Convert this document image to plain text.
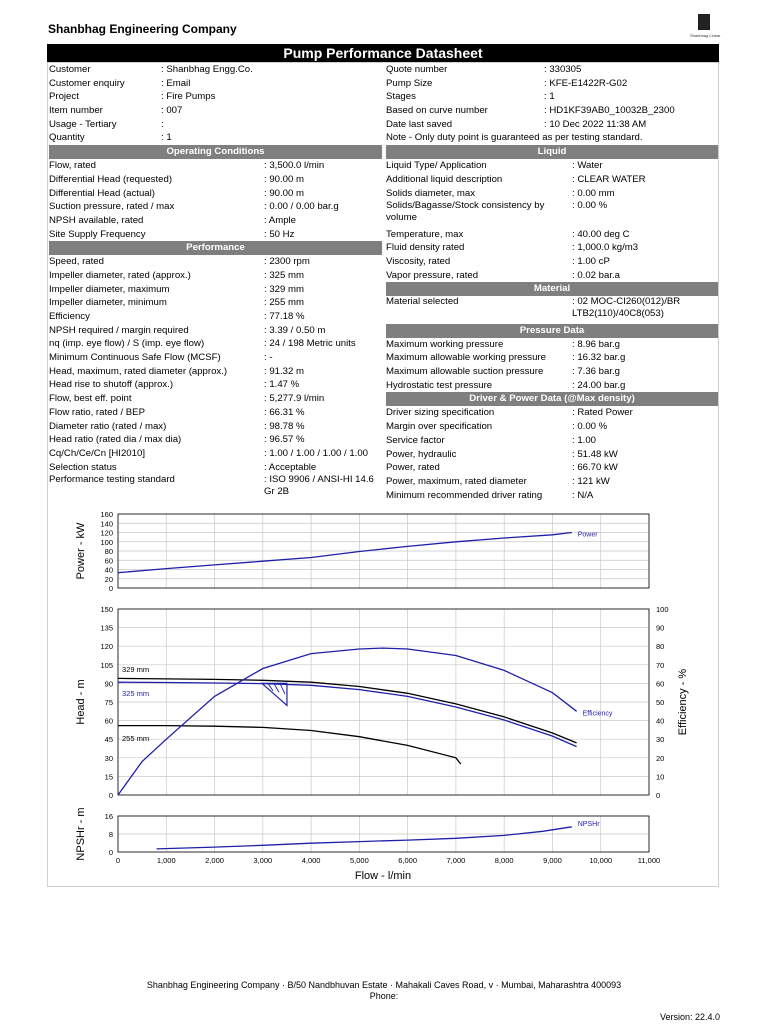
Shanbhag Engineering Company	Shanbhag Linear
Pump Performance Datasheet
Customer	: Shanbhag Engg.Co.
Customer enquiry	: Email
Project	: Fire Pumps
Item number	: 007
Usage - Tertiary	:
Quantity	: 1
Operating Conditions
Flow, rated	: 3,500.0 l/min
Differential Head (requested)	: 90.00 m
Differential Head (actual)	: 90.00 m
Suction pressure, rated / max	: 0.00 / 0.00 bar.g
NPSH available, rated	: Ample
Site Supply Frequency	: 50 Hz
Performance
Speed, rated	: 2300 rpm
Impeller diameter, rated (approx.)	: 325 mm
Impeller diameter, maximum	: 329 mm
Impeller diameter, minimum	: 255 mm
Efficiency	: 77.18 %
NPSH required / margin required	: 3.39 / 0.50 m
nq (imp. eye flow) / S (imp. eye flow)	: 24 / 198 Metric units
Minimum Continuous Safe Flow (MCSF)	: -
Head, maximum, rated diameter (approx.)	: 91.32 m
Head rise to shutoff (approx.)	: 1.47 %
Flow, best eff. point	: 5,277.9 l/min
Flow ratio, rated / BEP	: 66.31 %
Diameter ratio (rated / max)	: 98.78 %
Head ratio (rated dia / max dia)	: 96.57 %
Cq/Ch/Ce/Cn [HI2010]	: 1.00 / 1.00 / 1.00 / 1.00
Selection status	: Acceptable
Performance testing standard	: ISO 9906 / ANSI-HI 14.6 Gr 2B
Quote number	: 330305
Pump Size	: KFE-E1422R-G02
Stages	: 1
Based on curve number	: HD1KF39AB0_10032B_2300
Date last saved	: 10 Dec 2022 11:38 AM
Note - Only duty point is guaranteed as per testing standard.
Liquid
Liquid Type/ Application	: Water
Additional liquid description	: CLEAR WATER
Solids diameter, max	: 0.00 mm
Solids/Bagasse/Stock consistency by volume
: 0.00 %
Temperature, max	: 40.00 deg C
Fluid density rated	: 1,000.0 kg/m3
Viscosity, rated	: 1.00 cP
Vapor pressure, rated	: 0.02 bar.a
Material
Material selected	: 02 MOC-CI260(012)/BR LTB2(110)/40C8(053)
Pressure Data
Maximum working pressure	: 8.96 bar.g
Maximum allowable working pressure	: 16.32 bar.g
Maximum allowable suction pressure	: 7.36 bar.g
Hydrostatic test pressure	: 24.00 bar.g
Driver & Power Data (@Max density)
Driver sizing specification	: Rated Power
Margin over specification	: 0.00 %
Service factor	: 1.00
Power, hydraulic	: 51.48 kW
Power, rated	: 66.70 kW
Power, maximum, rated diameter	: 121 kW
Minimum recommended driver rating	: N/A
0
20
40
60
80
100
120
140
160
Power - kW	Power
0
15
30
45
60
75
90
105
120
135
150
0
10
20
30
40
50
60
70
80
90
100
Head - m	Efficiency - %
Efficiency
329 mm
325 mm
255 mm
0
8
16
NPSHr - m	NPSHr
0	1,000	2,000	3,000	4,000	5,000	6,000	7,000	8,000	9,000	10,000	11,000
Flow - l/min
Shanbhag Engineering Company · B/50 Nandbhuvan Estate · Mahakali Caves Road, v · Mumbai, Maharashtra 400093
Phone:
Version: 22.4.0
